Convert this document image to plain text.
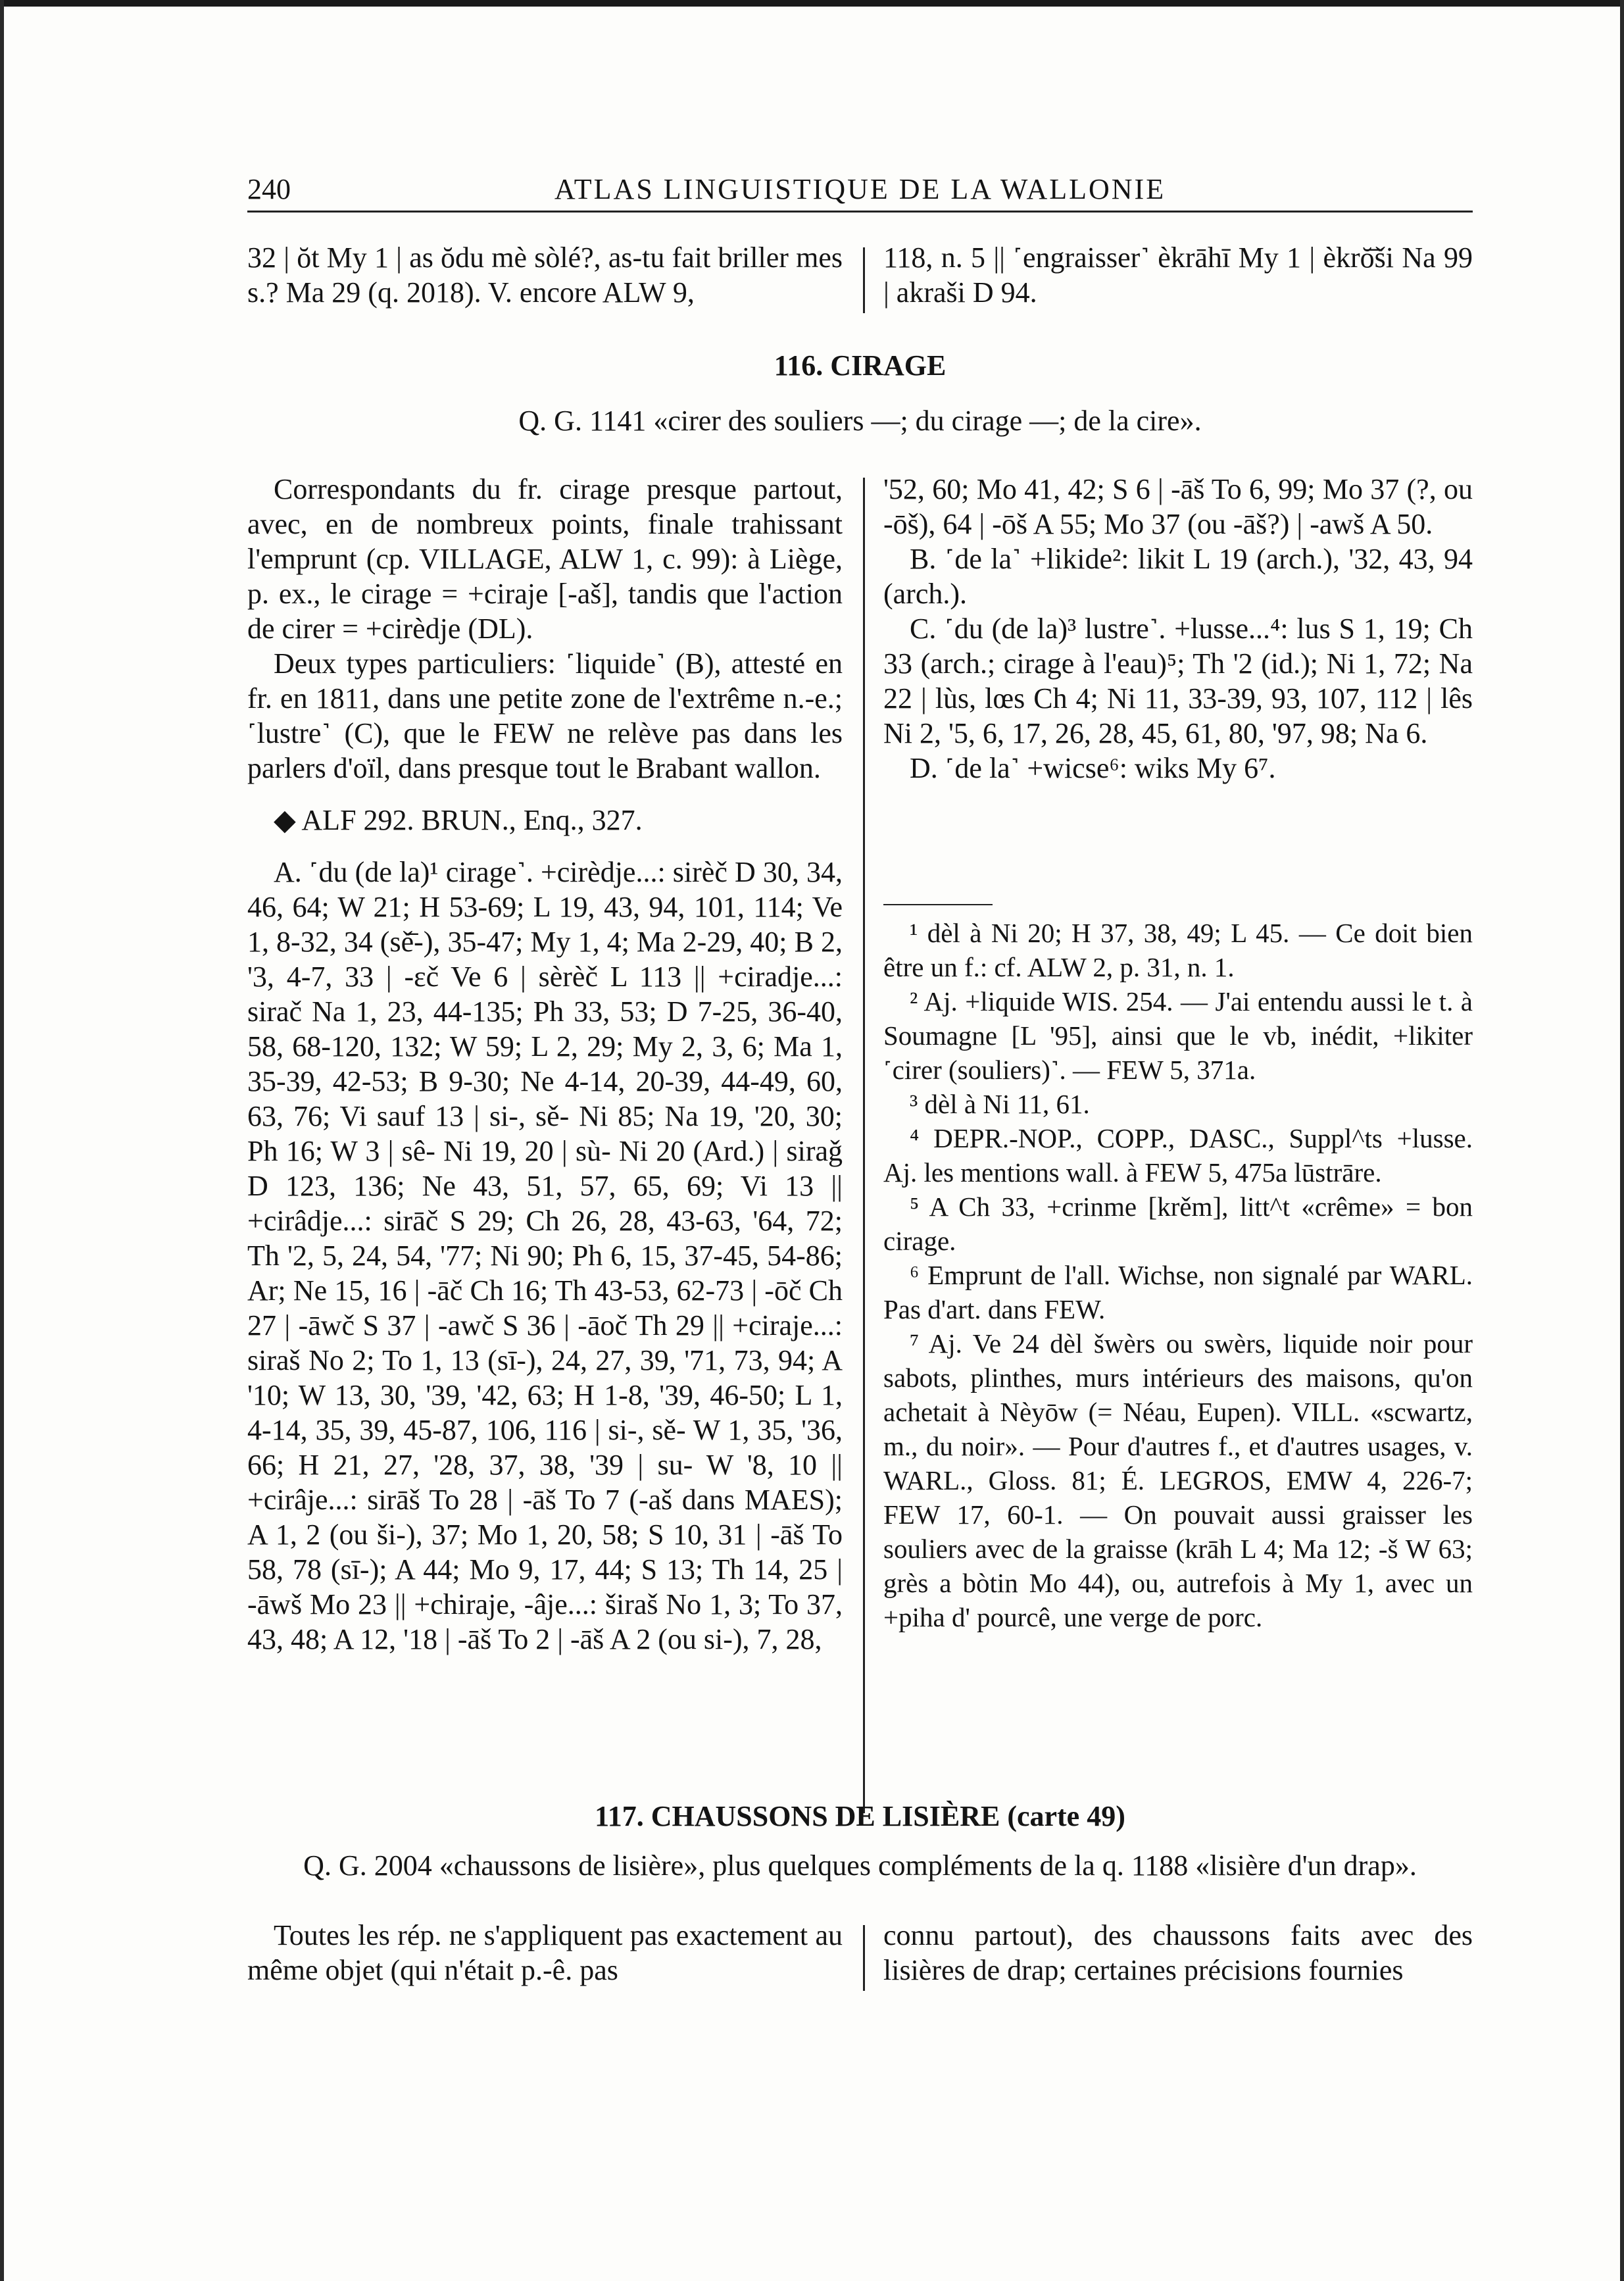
240	ATLAS LINGUISTIQUE DE LA WALLONIE

32 | ŏt My 1 | as ŏdu mè sòlé?, as-tu fait briller mes s.? Ma 29 (q. 2018). V. encore ALW 9,

118, n. 5 || ˹engraisser˺ èkrāhī My 1 | èkrŏ̄ši Na 99 | akraši D 94.

116. CIRAGE
Q. G. 1141 «cirer des souliers —; du cirage —; de la cire».

Correspondants du fr. cirage presque partout, avec, en de nombreux points, finale trahissant l'emprunt (cp. VILLAGE, ALW 1, c. 99): à Liège, p. ex., le cirage = +ciraje [-aš], tandis que l'action de cirer = +cirèdje (DL).

Deux types particuliers: ˹liquide˺ (B), attesté en fr. en 1811, dans une petite zone de l'extrême n.-e.; ˹lustre˺ (C), que le FEW ne relève pas dans les parlers d'oïl, dans presque tout le Brabant wallon.

◆ ALF 292. BRUN., Enq., 327.

A. ˹du (de la)¹ cirage˺. +cirèdje...: sirèč D 30, 34, 46, 64; W 21; H 53-69; L 19, 43, 94, 101, 114; Ve 1, 8-32, 34 (sě̄-), 35-47; My 1, 4; Ma 2-29, 40; B 2, '3, 4-7, 33 | -ɛč Ve 6 | sèrèč L 113 || +ciradje...: sirač Na 1, 23, 44-135; Ph 33, 53; D 7-25, 36-40, 58, 68-120, 132; W 59; L 2, 29; My 2, 3, 6; Ma 1, 35-39, 42-53; B 9-30; Ne 4-14, 20-39, 44-49, 60, 63, 76; Vi sauf 13 | si-, sě- Ni 85; Na 19, '20, 30; Ph 16; W 3 | sê- Ni 19, 20 | sù- Ni 20 (Ard.) | siraǧ D 123, 136; Ne 43, 51, 57, 65, 69; Vi 13 || +cirâdje...: sirāč S 29; Ch 26, 28, 43-63, '64, 72; Th '2, 5, 24, 54, '77; Ni 90; Ph 6, 15, 37-45, 54-86; Ar; Ne 15, 16 | -āč Ch 16; Th 43-53, 62-73 | -ōč Ch 27 | -āwč S 37 | -awč S 36 | -āoč Th 29 || +ciraje...: siraš No 2; To 1, 13 (sī-), 24, 27, 39, '71, 73, 94; A '10; W 13, 30, '39, '42, 63; H 1-8, '39, 46-50; L 1, 4-14, 35, 39, 45-87, 106, 116 | si-, sě- W 1, 35, '36, 66; H 21, 27, '28, 37, 38, '39 | su- W '8, 10 || +cirâje...: sirāš To 28 | -āš To 7 (-aš dans MAES); A 1, 2 (ou ši-), 37; Mo 1, 20, 58; S 10, 31 | -āš To 58, 78 (sī-); A 44; Mo 9, 17, 44; S 13; Th 14, 25 | -āwš Mo 23 || +chiraje, -âje...: širaš No 1, 3; To 37, 43, 48; A 12, '18 | -āš To 2 | -āš A 2 (ou si-), 7, 28,

'52, 60; Mo 41, 42; S 6 | -āš To 6, 99; Mo 37 (?, ou -ōš), 64 | -ōš A 55; Mo 37 (ou -āš?) | -awš A 50.

B. ˹de la˺ +likide²: likit L 19 (arch.), '32, 43, 94 (arch.).

C. ˹du (de la)³ lustre˺. +lusse...⁴: lus S 1, 19; Ch 33 (arch.; cirage à l'eau)⁵; Th '2 (id.); Ni 1, 72; Na 22 | lùs, lœs Ch 4; Ni 11, 33-39, 93, 107, 112 | lês Ni 2, '5, 6, 17, 26, 28, 45, 61, 80, '97, 98; Na 6.

D. ˹de la˺ +wicse⁶: wiks My 6⁷.

¹ dèl à Ni 20; H 37, 38, 49; L 45. — Ce doit bien être un f.: cf. ALW 2, p. 31, n. 1.

² Aj. +liquide WIS. 254. — J'ai entendu aussi le t. à Soumagne [L '95], ainsi que le vb, inédit, +likiter ˹cirer (souliers)˺. — FEW 5, 371a.

³ dèl à Ni 11, 61.

⁴ DEPR.-NOP., COPP., DASC., Suppl^ts +lusse. Aj. les mentions wall. à FEW 5, 475a lūstrāre.

⁵ A Ch 33, +crinme [krěm], litt^t «crême» = bon cirage.

⁶ Emprunt de l'all. Wichse, non signalé par WARL. Pas d'art. dans FEW.

⁷ Aj. Ve 24 dèl šwèrs ou swèrs, liquide noir pour sabots, plinthes, murs intérieurs des maisons, qu'on achetait à Nèyōw (= Néau, Eupen). VILL. «scwartz, m., du noir». — Pour d'autres f., et d'autres usages, v. WARL., Gloss. 81; É. LEGROS, EMW 4, 226-7; FEW 17, 60-1. — On pouvait aussi graisser les souliers avec de la graisse (krāh L 4; Ma 12; -š W 63; grès a bòtin Mo 44), ou, autrefois à My 1, avec un +piha d' pourcê, une verge de porc.

117. CHAUSSONS DE LISIÈRE (carte 49)
Q. G. 2004 «chaussons de lisière», plus quelques compléments de la q. 1188 «lisière d'un drap».

Toutes les rép. ne s'appliquent pas exactement au même objet (qui n'était p.-ê. pas

connu partout), des chaussons faits avec des lisières de drap; certaines précisions fournies
